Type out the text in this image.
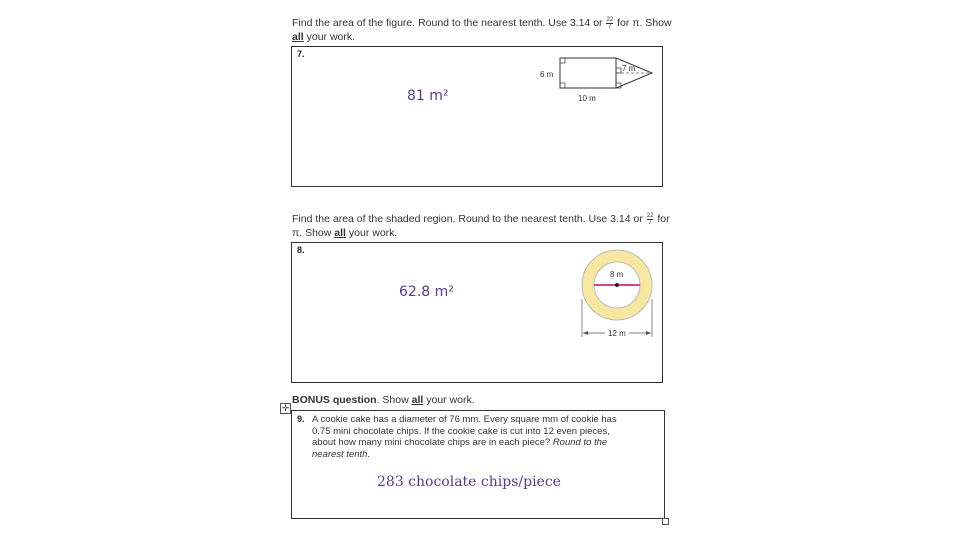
Find the area of the figure. Round to the nearest tenth. Use 3.14 or $\frac{22}{7}$ for π. Show
all your work.
7.
81 m²
6 m
10 m
7 m
Find the area of the shaded region. Round to the nearest tenth. Use 3.14 or $\frac{22}{7}$ for
π. Show all your work.
8.
62.8 m²
8 m
12 m
BONUS question. Show all your work.
✛
9. A cookie cake has a diameter of 76 mm. Every square mm of cookie has
0.75 mini chocolate chips. If the cookie cake is cut into 12 even pieces,
about how many mini chocolate chips are in each piece? Round to the
nearest tenth.
283 chocolate chips/piece
